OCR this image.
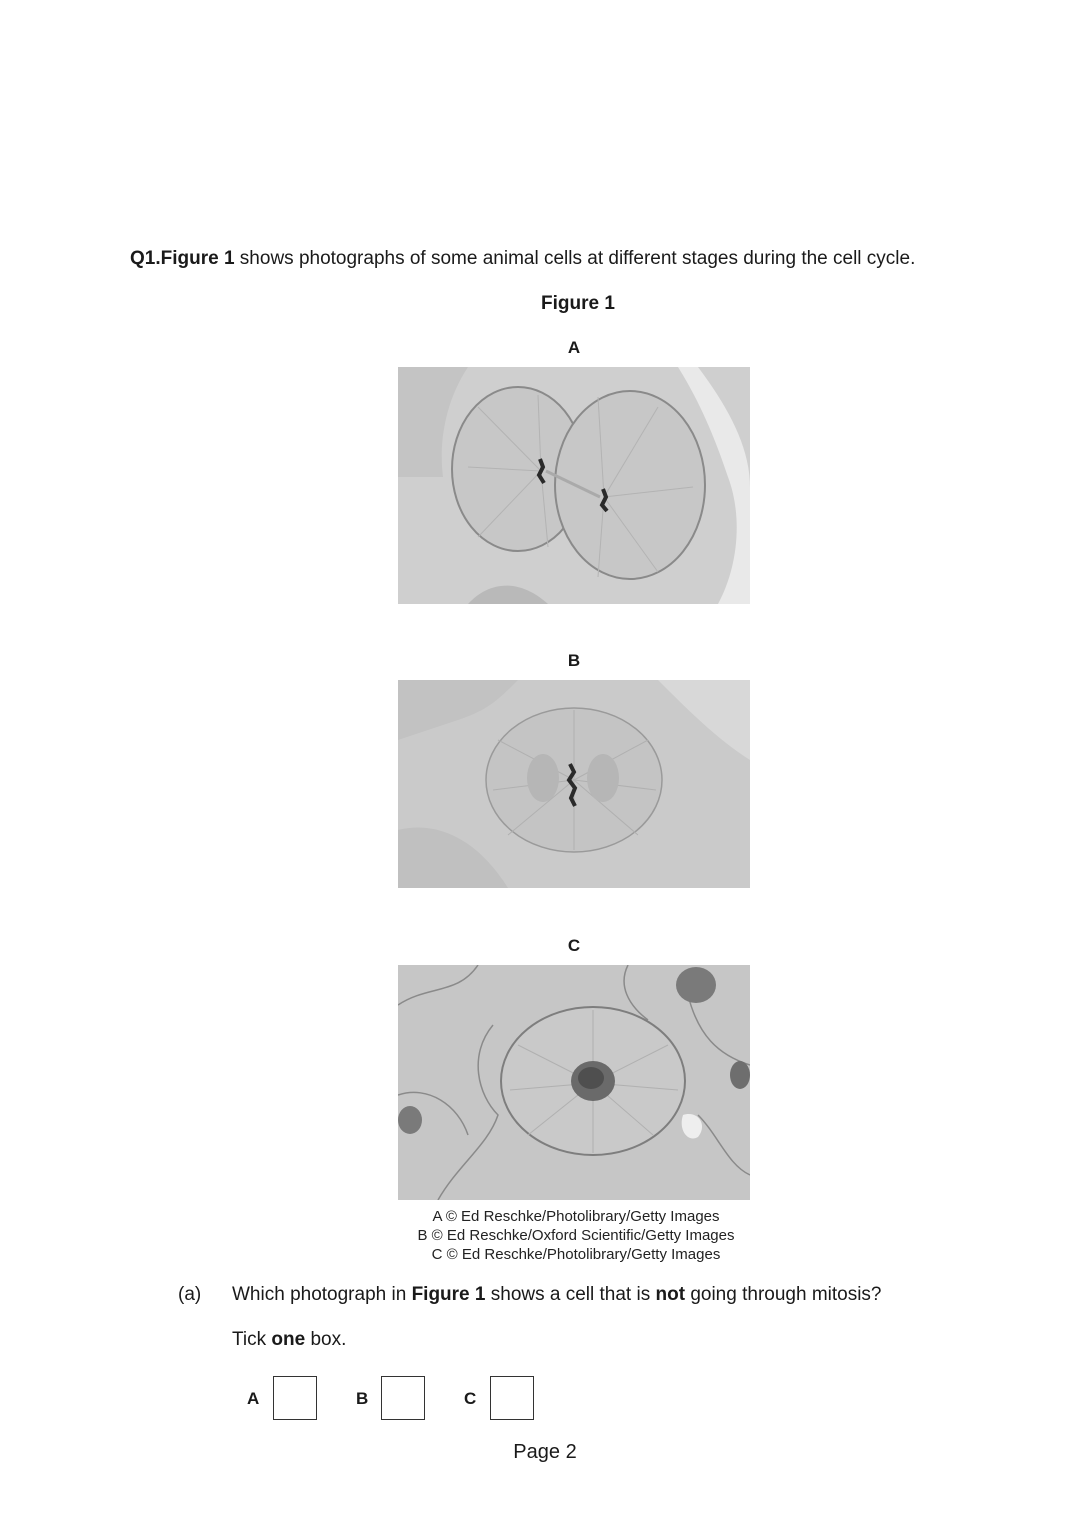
Q1.Figure 1 shows photographs of some animal cells at different stages during the cell cycle.
Figure 1
A
B
C
A © Ed Reschke/Photolibrary/Getty Images
B © Ed Reschke/Oxford Scientific/Getty Images
C © Ed Reschke/Photolibrary/Getty Images
(a) Which photograph in Figure 1 shows a cell that is not going through mitosis?
Tick one box.
A	B	C
Page 2
